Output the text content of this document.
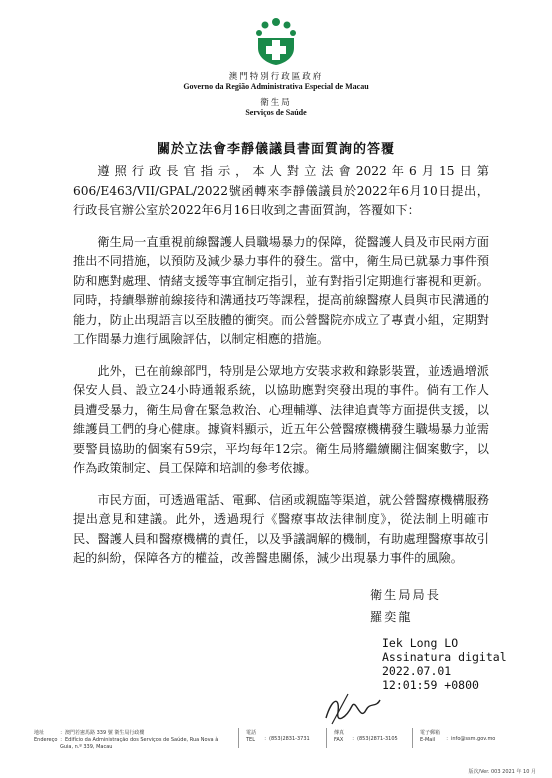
澳門特別行政區政府
Governo da Região Administrativa Especial de Macau
衛生局
Serviços de Saúde
關於立法會李靜儀議員書面質詢的答覆

遵照行政長官指示，本人對立法會2022年6月15日第606/E463/VII/GPAL/2022號函轉來李靜儀議員於2022年6月10日提出，行政長官辦公室於2022年6月16日收到之書面質詢，答覆如下：

衛生局一直重視前線醫護人員職場暴力的保障，從醫護人員及市民兩方面推出不同措施，以預防及減少暴力事件的發生。當中，衛生局已就暴力事件預防和應對處理、情緒支援等事宜制定指引，並有對指引定期進行審視和更新。同時，持續舉辦前線接待和溝通技巧等課程，提高前線醫療人員與市民溝通的能力，防止出現語言以至肢體的衝突。而公營醫院亦成立了專責小組，定期對工作間暴力進行風險評估，以制定相應的措施。

此外，已在前線部門，特別是公眾地方安裝求救和錄影裝置，並透過增派保安人員、設立24小時通報系統，以協助應對突發出現的事件。倘有工作人員遭受暴力，衛生局會在緊急救治、心理輔導、法律追責等方面提供支援，以維護員工們的身心健康。據資料顯示，近五年公營醫療機構發生職場暴力並需要警員協助的個案有59宗，平均每年12宗。衛生局將繼續關注個案數字，以作為政策制定、員工保障和培訓的參考依據。

市民方面，可透過電話、電郵、信函或親臨等渠道，就公營醫療機構服務提出意見和建議。此外，透過現行《醫療事故法律制度》，從法制上明確市民、醫護人員和醫療機構的責任，以及爭議調解的機制，有助處理醫療事故引起的糾紛，保障各方的權益，改善醫患關係，減少出現暴力事件的風險。

衛生局局長
羅奕龍
Iek Long LO
Assinatura digital
2022.07.01
12:01:59 +0800
地址
Endereço
：澳門若憲馬路 339 號 衛生局行政樓
：Edifício da Administração dos Serviços de Saúde, Rua Nova à
Guia, n.º 339, Macau
電話
TEL ：(853)2831-3731
傳真
FAX ：(853)2871-3105
電子郵箱
E-Mail	：info@ssm.gov.mo
版次/Ver. 003 2021 年 10 月
